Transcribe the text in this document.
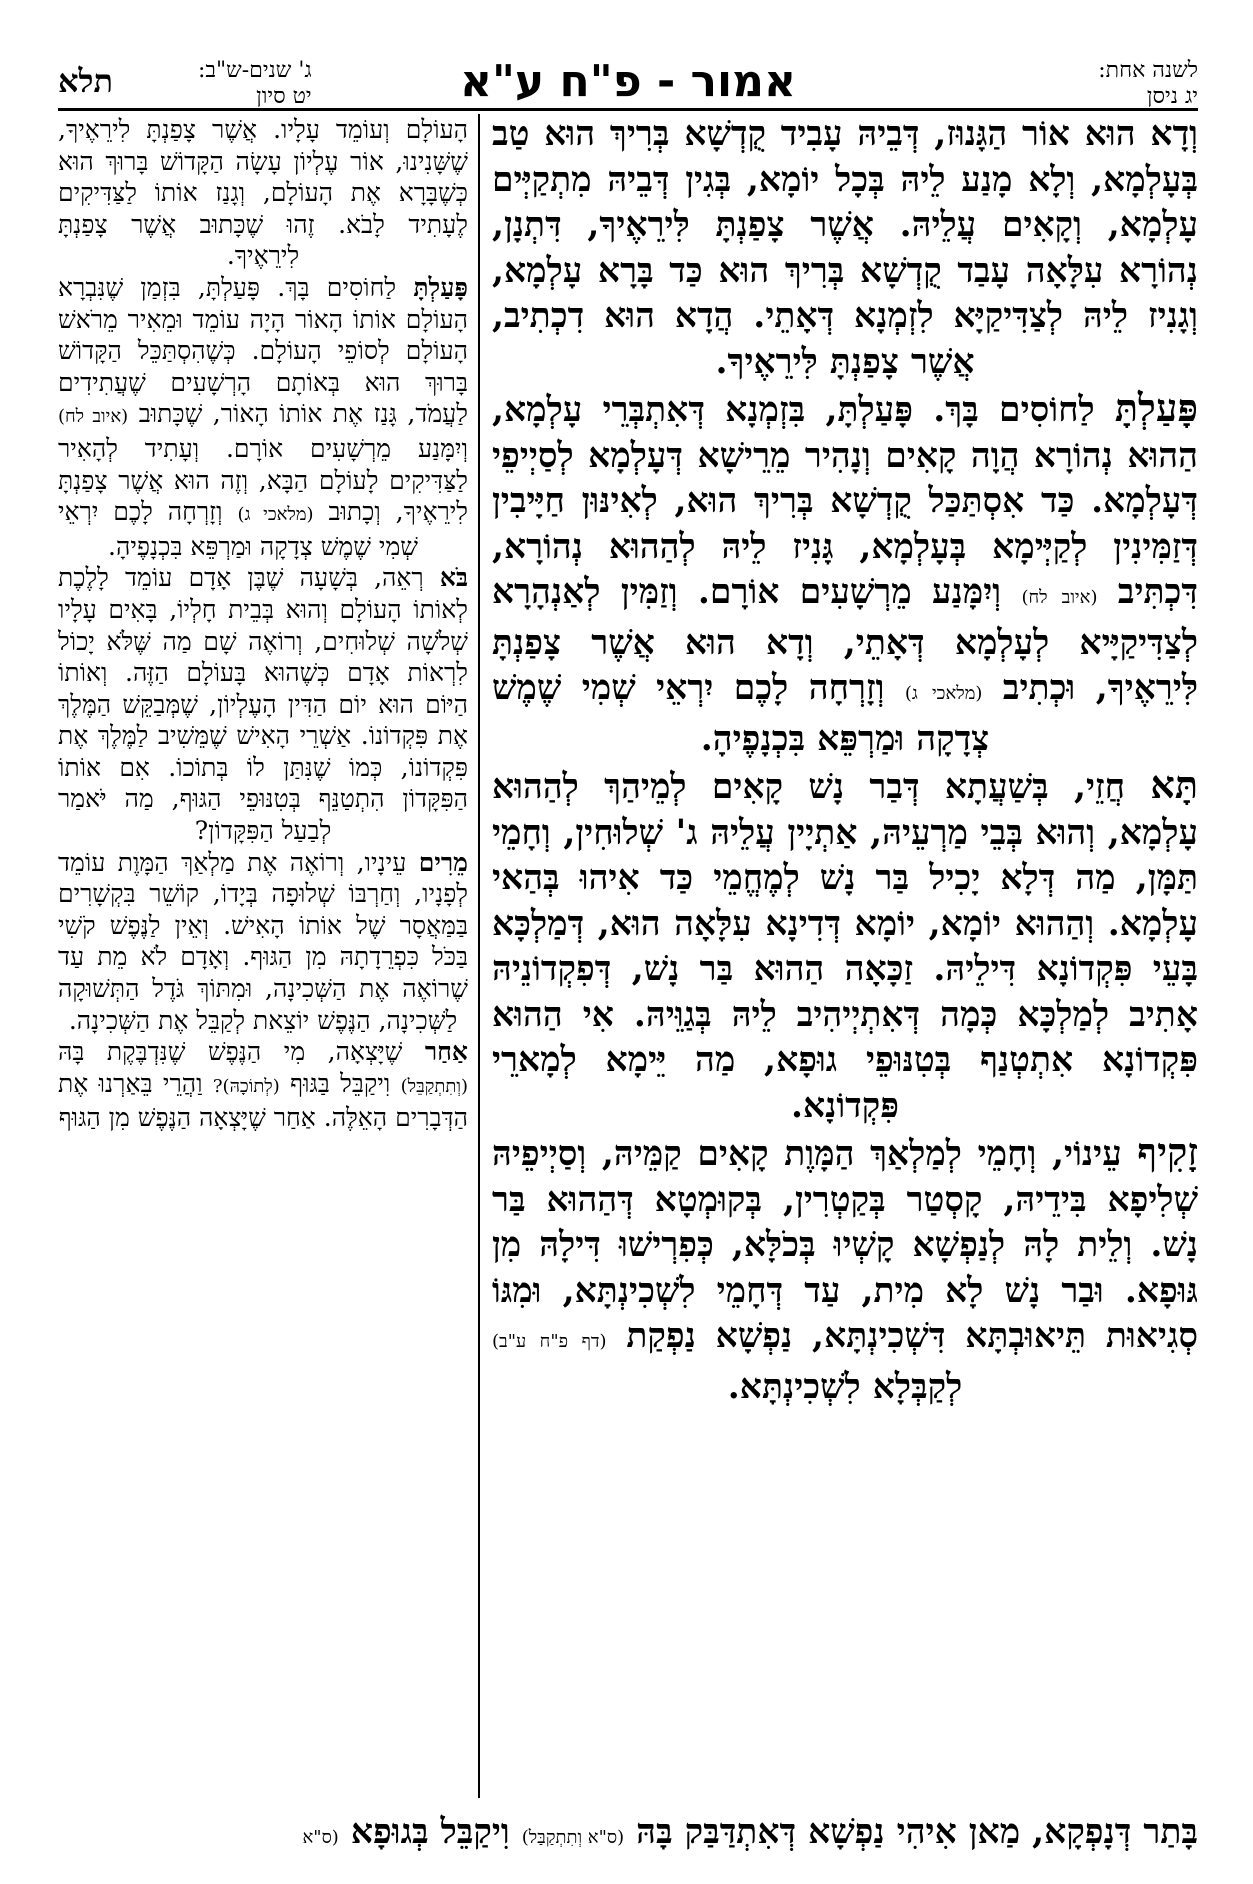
לשנה אחת:
יג ניסן
אמור - פ"ח ע"א
ג' שנים-ש"ב:
יט סיון
תלא

וְדָא הוּא אוֹר הַגָּנוּז, דְּבֵיהּ עָבִיד קֻדְשָׁא בְּרִיךְ הוּא טַב בְּעָלְמָא, וְלָא מָנַע לֵיהּ בְּכָל יוֹמָא, בְּגִין דְּבֵיהּ מִתְקַיְּים עָלְמָא, וְקָאִים עֲלֵיהּ. אֲשֶׁר צָפַנְתָּ לִּירֵאֶיךָ, דִּתְנָן, נְהוֹרָא עִלָּאָה עָבַד קֻדְשָׁא בְּרִיךְ הוּא כַּד בָּרָא עָלְמָא, וְגָנִיז לֵיהּ לְצַדִּיקַיָּא לִזְמְנָא דְּאָתֵי. הֲדָא הוּא דִכְתִיב, אֲשֶׁר צָפַנְתָּ לִּירֵאֶיךָ.

פָּעַלְתָּ לַחוֹסִים בָּךְ. פָּעַלְתָּ, בִּזְמְנָא דְּאִתְבְּרֵי עָלְמָא, הַהוּא נְהוֹרָא הֲוָה קָאִים וְנָהִיר מֵרֵישָׁא דְּעָלְמָא לְסַיְיפֵי דְּעָלְמָא. כַּד אִסְתַּכַּל קֻדְשָׁא בְּרִיךְ הוּא, לְאִינּוּן חַיָּיבִין דְּזַמִּינִין לְקַיְּימָא בְּעָלְמָא, גָּנִיז לֵיהּ לְהַהוּא נְהוֹרָא, דִּכְתִּיב (איוב לח) וְיִמָּנַע מֵרְשָׁעִים אוֹרָם. וְזַמִּין לְאַנְהָרָא לְצַדִּיקַיָּיא לְעָלְמָא דְּאָתֵי, וְדָא הוּא אֲשֶׁר צָפַנְתָּ לִּירֵאֶיךָ, וּכְתִיב (מלאכי ג) וְזָרְחָה לָכֶם יִרְאֵי שְׁמִי שֶׁמֶשׁ צְדָקָה וּמַרְפֵּא בִּכְנָפֶיהָ.

תָּא חֲזֵי, בְּשַׁעֲתָא דְּבַר נָשׁ קָאִים לְמֵיהַךְ לְהַהוּא עָלְמָא, וְהוּא בְּבֵי מַרְעֵיהּ, אַתְיָין עֲלֵיהּ ג' שְׁלוּחִין, וְחָמֵי תַּמָּן, מַה דְּלָא יָכִיל בַּר נָשׁ לְמֶחֱמֵי כַּד אִיהוּ בְּהַאי עָלְמָא. וְהַהוּא יוֹמָא, יוֹמָא דְּדִינָא עִלָּאָה הוּא, דְּמַלְכָּא בָּעֵי פִּקְדוֹנָא דִּילֵיהּ. זַכָּאָה הַהוּא בַּר נָשׁ, דְּפִקְדוֹנֵיהּ אָתִיב לְמַלְכָּא כְּמָה דְּאִתְיְיהִיב לֵיהּ בְּגַוֵּיהּ. אִי הַהוּא פִּקְדוֹנָא אִתְטְנַף בְּטִנּוּפֵי גוּפָא, מַה יֵּימָא לְמָארֵי פִּקְדוֹנָא.

זָקִיף עֵינוֹי, וְחָמֵי לְמַלְאַךְ הַמָּוֶת קָאִים קַמֵּיהּ, וְסַיְיפֵיהּ שְׁלִיפָא בִּידֵיהּ, קָסְטַר בְּקַטְרִין, בְּקוּמְטָא דְּהַהוּא בַּר נָשׁ. וְלֵית לָהּ לְנַפְשָׁא קָשְׁיוּ בְּכֹלָּא, כְּפִרְישׁוּ דִּילָהּ מִן גּוּפָא. וּבַר נָשׁ לָא מִית, עַד דְּחָמֵי לִשְׁכִינְתָּא, וּמִגּוֹ סְגִיאוּת תֵּיאוּבְתָּא דִּשְׁכִינְתָּא, נַפְשָׁא נַפְקַת (דף פ"ח ע"ב) לְקַבְּלָא לִשְׁכִינְתָּא.

הָעוֹלָם וְעוֹמֵד עָלָיו. אֲשֶׁר צָפַנְתָּ לִירֵאֶיךָ, שֶׁשָּׁנִינוּ, אוֹר עֶלְיוֹן עָשָׂה הַקָּדוֹשׁ בָּרוּךְ הוּא כְּשֶׁבָּרָא אֶת הָעוֹלָם, וְגָנַז אוֹתוֹ לַצַּדִּיקִים לֶעָתִיד לָבֹא. זֶהוּ שֶׁכָּתוּב אֲשֶׁר צָפַנְתָּ לִירֵאֶיךָ.

פָּעַלְתָּ לַחוֹסִים בָּךְ. פָּעַלְתָּ, בִּזְמַן שֶׁנִּבְרָא הָעוֹלָם אוֹתוֹ הָאוֹר הָיָה עוֹמֵד וּמֵאִיר מֵרֹאשׁ הָעוֹלָם לְסוֹפֵי הָעוֹלָם. כְּשֶׁהִסְתַּכֵּל הַקָּדוֹשׁ בָּרוּךְ הוּא בְּאוֹתָם הָרְשָׁעִים שֶׁעֲתִידִים לַעֲמֹד, גָּנַז אֶת אוֹתוֹ הָאוֹר, שֶׁכָּתוּב (איוב לח) וְיִמָּנַע מֵרְשָׁעִים אוֹרָם. וְעָתִיד לְהָאִיר לַצַּדִּיקִים לָעוֹלָם הַבָּא, וְזֶה הוּא אֲשֶׁר צָפַנְתָּ לִירֵאֶיךָ, וְכָתוּב (מלאכי ג) וְזָרְחָה לָכֶם יִרְאֵי שְׁמִי שֶׁמֶשׁ צְדָקָה וּמַרְפֵּא בִּכְנָפֶיהָ.

בֹּא רְאֵה, בְּשָׁעָה שֶׁבֶּן אָדָם עוֹמֵד לָלֶכֶת לְאוֹתוֹ הָעוֹלָם וְהוּא בְּבֵית חָלְיוֹ, בָּאִים עָלָיו שְׁלֹשָׁה שְׁלוּחִים, וְרוֹאֶה שָׁם מַה שֶּׁלֹּא יָכוֹל לִרְאוֹת אָדָם כְּשֶׁהוּא בָּעוֹלָם הַזֶּה. וְאוֹתוֹ הַיּוֹם הוּא יוֹם הַדִּין הָעֶלְיוֹן, שֶׁמְּבַקֵּשׁ הַמֶּלֶךְ אֶת פִּקְדוֹנוֹ. אַשְׁרֵי הָאִישׁ שֶׁמֵּשִׁיב לַמֶּלֶךְ אֶת פִּקְדוֹנוֹ, כְּמוֹ שֶׁנִּתַּן לוֹ בְּתוֹכוֹ. אִם אוֹתוֹ הַפִּקָּדוֹן הִתְטַנֵּף בְּטִנּוּפֵי הַגּוּף, מַה יֹּאמַר לְבַעַל הַפִּקָּדוֹן?

מֵרִים עֵינָיו, וְרוֹאֶה אֶת מַלְאַךְ הַמָּוֶת עוֹמֵד לְפָנָיו, וְחַרְבּוֹ שְׁלוּפָה בְּיָדוֹ, קוֹשֵׁר בִּקְשָׁרִים בַּמַּאֲסָר שֶׁל אוֹתוֹ הָאִישׁ. וְאֵין לַנֶּפֶשׁ קֹשִׁי בַּכֹּל כִּפְרֵדָתָהּ מִן הַגּוּף. וְאָדָם לֹא מֵת עַד שֶׁרוֹאֶה אֶת הַשְּׁכִינָה, וּמִתּוֹךְ גֹּדֶל הַתְּשׁוּקָה לַשְּׁכִינָה, הַנֶּפֶשׁ יוֹצֵאת לְקַבֵּל אֶת הַשְּׁכִינָה.

אַחַר שֶׁיָּצְאָה, מִי הַנֶּפֶשׁ שֶׁנִּדְבֶּקֶת בָּהּ (וְתִתְקַבֵּל) וִיקַבֵּל בַּגּוּף (לְתוֹכָהּ)? וַהֲרֵי בֵּאַרְנוּ אֶת הַדְּבָרִים הָאֵלֶּה. אַחַר שֶׁיָּצְאָה הַנֶּפֶשׁ מִן הַגּוּף

בָּתַר דְּנָפְקָא, מַאן אִיהִי נַפְשָׁא דְּאִתְדַּבַּק בָּהּ (ס"א וְתִתְקַבַּל) וִיקַבֵּל בְּגוּפָא (ס"א
